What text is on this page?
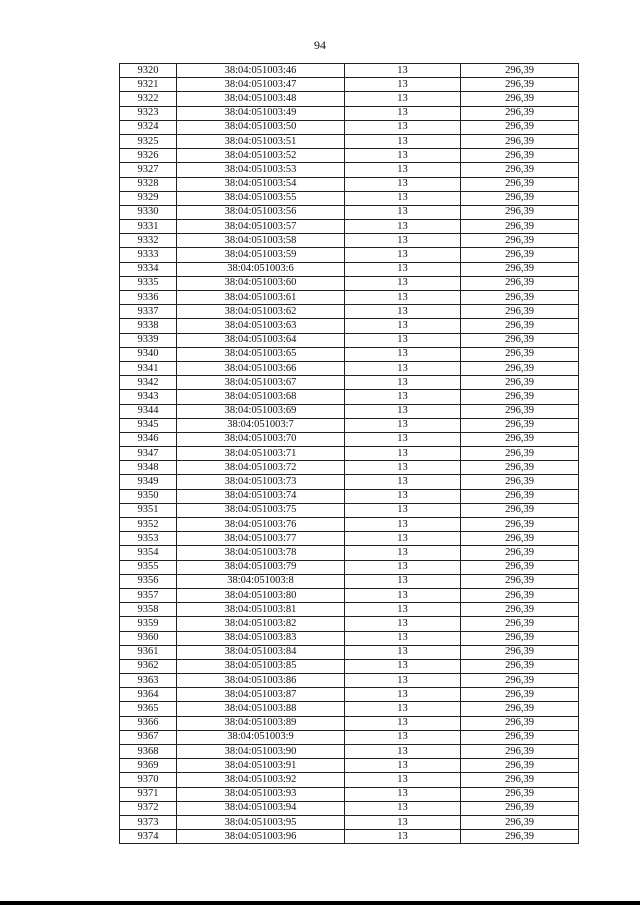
94
9320	38:04:051003:46	13	296,39
9321	38:04:051003:47	13	296,39
9322	38:04:051003:48	13	296,39
9323	38:04:051003:49	13	296,39
9324	38:04:051003:50	13	296,39
9325	38:04:051003:51	13	296,39
9326	38:04:051003:52	13	296,39
9327	38:04:051003:53	13	296,39
9328	38:04:051003:54	13	296,39
9329	38:04:051003:55	13	296,39
9330	38:04:051003:56	13	296,39
9331	38:04:051003:57	13	296,39
9332	38:04:051003:58	13	296,39
9333	38:04:051003:59	13	296,39
9334	38:04:051003:6	13	296,39
9335	38:04:051003:60	13	296,39
9336	38:04:051003:61	13	296,39
9337	38:04:051003:62	13	296,39
9338	38:04:051003:63	13	296,39
9339	38:04:051003:64	13	296,39
9340	38:04:051003:65	13	296,39
9341	38:04:051003:66	13	296,39
9342	38:04:051003:67	13	296,39
9343	38:04:051003:68	13	296,39
9344	38:04:051003:69	13	296,39
9345	38:04:051003:7	13	296,39
9346	38:04:051003:70	13	296,39
9347	38:04:051003:71	13	296,39
9348	38:04:051003:72	13	296,39
9349	38:04:051003:73	13	296,39
9350	38:04:051003:74	13	296,39
9351	38:04:051003:75	13	296,39
9352	38:04:051003:76	13	296,39
9353	38:04:051003:77	13	296,39
9354	38:04:051003:78	13	296,39
9355	38:04:051003:79	13	296,39
9356	38:04:051003:8	13	296,39
9357	38:04:051003:80	13	296,39
9358	38:04:051003:81	13	296,39
9359	38:04:051003:82	13	296,39
9360	38:04:051003:83	13	296,39
9361	38:04:051003:84	13	296,39
9362	38:04:051003:85	13	296,39
9363	38:04:051003:86	13	296,39
9364	38:04:051003:87	13	296,39
9365	38:04:051003:88	13	296,39
9366	38:04:051003:89	13	296,39
9367	38:04:051003:9	13	296,39
9368	38:04:051003:90	13	296,39
9369	38:04:051003:91	13	296,39
9370	38:04:051003:92	13	296,39
9371	38:04:051003:93	13	296,39
9372	38:04:051003:94	13	296,39
9373	38:04:051003:95	13	296,39
9374	38:04:051003:96	13	296,39
